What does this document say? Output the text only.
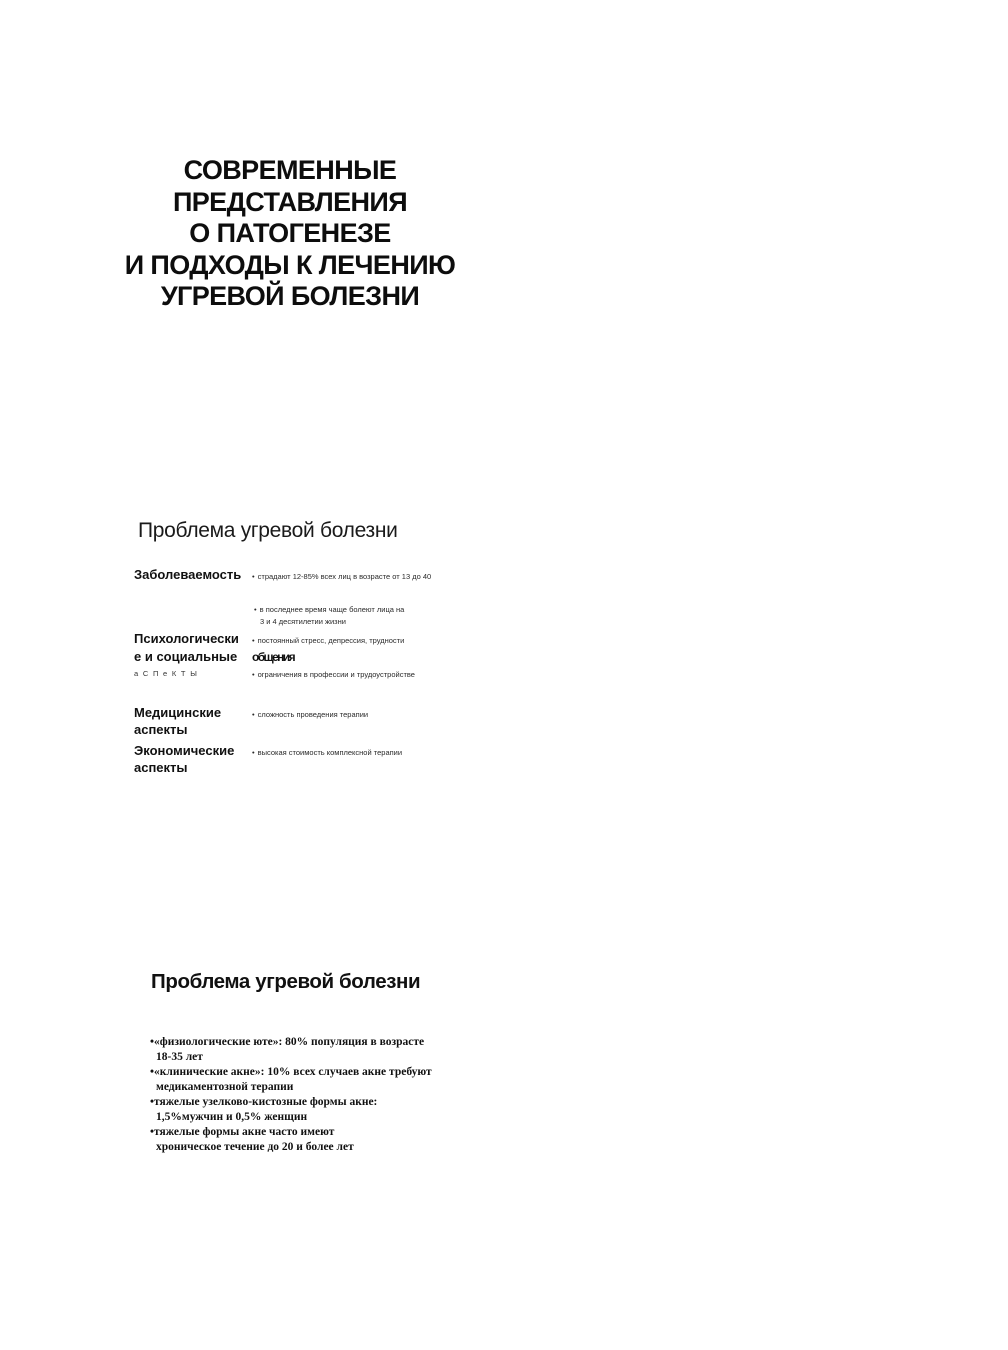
СОВРЕМЕННЫЕ
ПРЕДСТАВЛЕНИЯ
О ПАТОГЕНЕЗЕ
И ПОДХОДЫ К ЛЕЧЕНИЮ
УГРЕВОЙ БОЛЕЗНИ
Проблема угревой болезни
Заболеваемость • страдают 12-85% всех лиц в возрасте от 13 до 40
• в последнее время чаще болеют лица на
3 и 4 десятилетии жизни
Психологически
е и социальные
а С П е К Т Ы
• постоянный стресс, депрессия, трудности
общения
• ограничения в профессии и трудоустройстве
Медицинские
аспекты
• сложность проведения терапии
Экономические
аспекты
• высокая стоимость комплексной терапии
Проблема угревой болезни
•«физиологические юте»: 80% популяция в возрасте
18-35 лет
•«клинические акне»: 10% всех случаев акне требуют
медикаментозной терапии
•тяжелые узелково-кистозные формы акне:
1,5%мужчин и 0,5% женщин
•тяжелые формы акне часто имеют
хроническое течение до 20 и более лет
